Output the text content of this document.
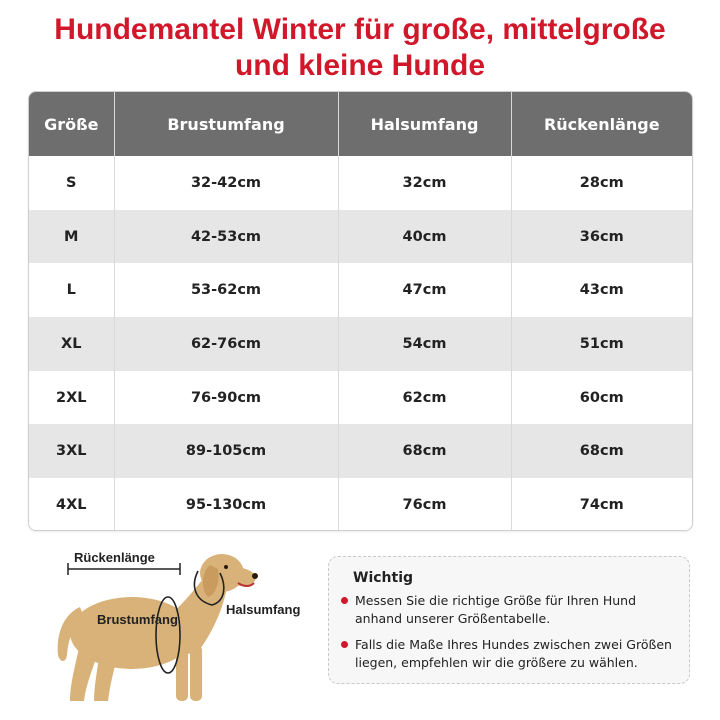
Hundemantel Winter für große, mittelgroße
und kleine Hunde
Größe	Brustumfang	Halsumfang	Rückenlänge
S	32-42cm	32cm	28cm
M	42-53cm	40cm	36cm
L	53-62cm	47cm	43cm
XL	62-76cm	54cm	51cm
2XL	76-90cm	62cm	60cm
3XL	89-105cm	68cm	68cm
4XL	95-130cm	76cm	74cm
Rückenlänge
Brustumfang
Halsumfang
Wichtig
Messen Sie die richtige Größe für Ihren Hund anhand unserer Größentabelle.
Falls die Maße Ihres Hundes zwischen zwei Größen liegen, empfehlen wir die größere zu wählen.
